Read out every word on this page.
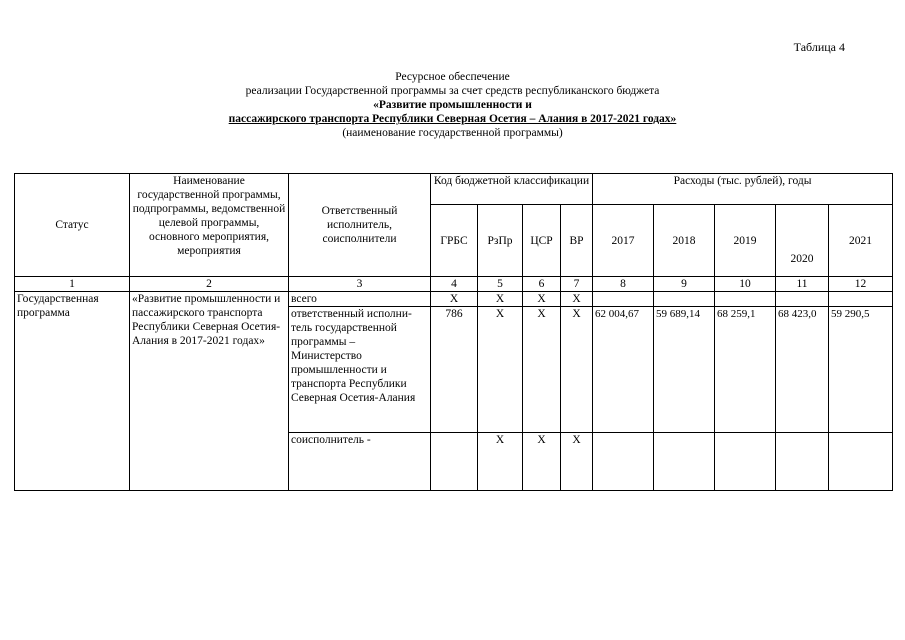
Таблица 4
Ресурсное обеспечение
реализации Государственной программы за счет средств республиканского бюджета
«Развитие промышленности и
пассажирского транспорта Республики Северная Осетия – Алания в 2017-2021 годах»
(наименование государственной программы)
Статус	Наименование государственной программы, подпрограммы, ведомственной целевой программы, основного мероприятия, мероприятия	Ответственный исполнитель, соисполнители	Код бюджетной классификации				Расходы (тыс. рублей), годы				
			ГРБС	РзПр	ЦСР	ВР	2017	2018	2019	2020	2021
1	2	3	4	5	6	7	8	9	10	11	12
Государственная программа	«Развитие промышленности и пассажирского транспорта Республики Северная Осетия-Алания в 2017-2021 годах»	всего	Х	Х	Х	Х					
		ответственный исполни-тель государственной программы – Министерство промышленности и транспорта Республики Северная Осетия-Алания	786	Х	Х	Х	62 004,67	59 689,14	68 259,1	68 423,0	59 290,5
		соисполнитель -		Х	Х	Х					
